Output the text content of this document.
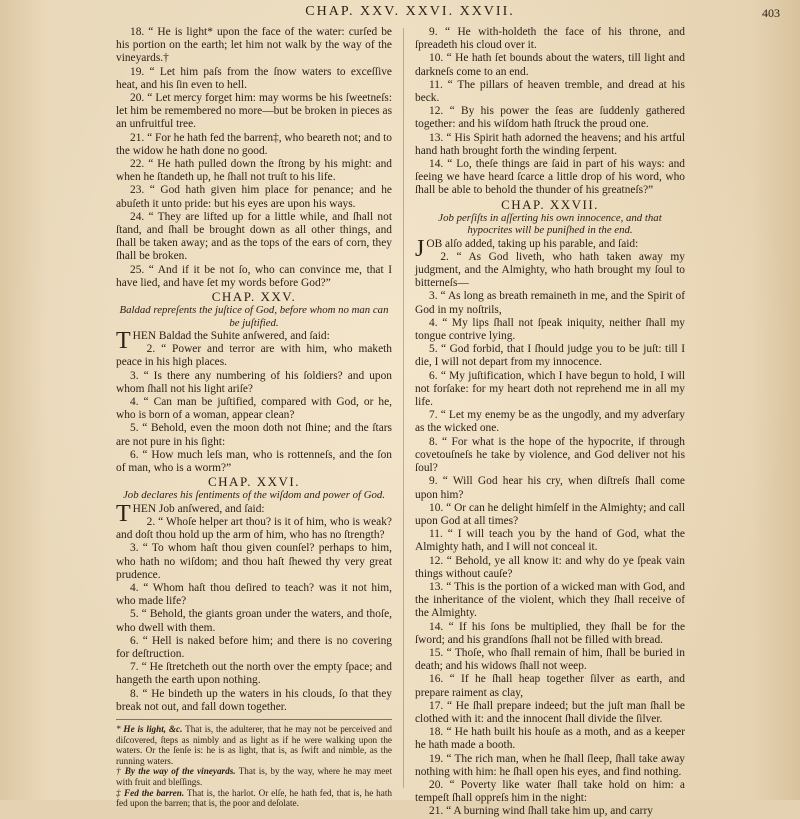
CHAP. XXV. XXVI. XXVII.	403

18. “ He is light* upon the face of the water: curſed be his portion on the earth; let him not walk by the way of the vineyards.†

19. “ Let him paſs from the ſnow waters to exceſſive heat, and his ſin even to hell.

20. “ Let mercy forget him: may worms be his ſweetneſs: let him be remembered no more—but be broken in pieces as an unfruitful tree.

21. “ For he hath fed the barren‡, who beareth not; and to the widow he hath done no good.

22. “ He hath pulled down the ſtrong by his might: and when he ſtandeth up, he ſhall not truſt to his life.

23. “ God hath given him place for penance; and he abuſeth it unto pride: but his eyes are upon his ways.

24. “ They are lifted up for a little while, and ſhall not ſtand, and ſhall be brought down as all other things, and ſhall be taken away; and as the tops of the ears of corn, they ſhall be broken.

25. “ And if it be not ſo, who can convince me, that I have lied, and have ſet my words before God?”

CHAP. XXV.

Baldad repreſents the juſtice of God, before whom no man can be juſtified.

THEN Baldad the Suhite anſwered, and ſaid:

2. “ Power and terror are with him, who maketh peace in his high places.

3. “ Is there any numbering of his ſoldiers? and upon whom ſhall not his light ariſe?

4. “ Can man be juſtified, compared with God, or he, who is born of a woman, appear clean?

5. “ Behold, even the moon doth not ſhine; and the ſtars are not pure in his ſight:

6. “ How much leſs man, who is rottenneſs, and the ſon of man, who is a worm?”

CHAP. XXVI.

Job declares his ſentiments of the wiſdom and power of God.

THEN Job anſwered, and ſaid:

2. “ Whoſe helper art thou? is it of him, who is weak? and doſt thou hold up the arm of him, who has no ſtrength?

3. “ To whom haſt thou given counſel? perhaps to him, who hath no wiſdom; and thou haſt ſhewed thy very great prudence.

4. “ Whom haſt thou deſired to teach? was it not him, who made life?

5. “ Behold, the giants groan under the waters, and thoſe, who dwell with them.

6. “ Hell is naked before him; and there is no covering for deſtruction.

7. “ He ſtretcheth out the north over the empty ſpace; and hangeth the earth upon nothing.

8. “ He bindeth up the waters in his clouds, ſo that they break not out, and fall down together.

* He is light, &c. That is, the adulterer, that he may not be perceived and diſcovered, ſteps as nimbly and as light as if he were walking upon the waters. Or the ſenſe is: he is as light, that is, as ſwift and nimble, as the running waters.

† By the way of the vineyards. That is, by the way, where he may meet with fruit and bleſſings.

‡ Fed the barren. That is, the harlot. Or elſe, he hath fed, that is, he hath fed upon the barren; that is, the poor and deſolate.

9. “ He with-holdeth the face of his throne, and ſpreadeth his cloud over it.

10. “ He hath ſet bounds about the waters, till light and darkneſs come to an end.

11. “ The pillars of heaven tremble, and dread at his beck.

12. “ By his power the ſeas are ſuddenly gathered together: and his wiſdom hath ſtruck the proud one.

13. “ His Spirit hath adorned the heavens; and his artful hand hath brought forth the winding ſerpent.

14. “ Lo, theſe things are ſaid in part of his ways: and ſeeing we have heard ſcarce a little drop of his word, who ſhall be able to behold the thunder of his greatneſs?”

CHAP. XXVII.

Job perſiſts in aſſerting his own innocence, and that hypocrites will be puniſhed in the end.

JOB alſo added, taking up his parable, and ſaid:

2. “ As God liveth, who hath taken away my judgment, and the Almighty, who hath brought my ſoul to bitterneſs—

3. “ As long as breath remaineth in me, and the Spirit of God in my noſtrils,

4. “ My lips ſhall not ſpeak iniquity, neither ſhall my tongue contrive lying.

5. “ God forbid, that I ſhould judge you to be juſt: till I die, I will not depart from my innocence.

6. “ My juſtification, which I have begun to hold, I will not forſake: for my heart doth not reprehend me in all my life.

7. “ Let my enemy be as the ungodly, and my adverſary as the wicked one.

8. “ For what is the hope of the hypocrite, if through covetouſneſs he take by violence, and God deliver not his ſoul?

9. “ Will God hear his cry, when diſtreſs ſhall come upon him?

10. “ Or can he delight himſelf in the Almighty; and call upon God at all times?

11. “ I will teach you by the hand of God, what the Almighty hath, and I will not conceal it.

12. “ Behold, ye all know it: and why do ye ſpeak vain things without cauſe?

13. “ This is the portion of a wicked man with God, and the inheritance of the violent, which they ſhall receive of the Almighty.

14. “ If his ſons be multiplied, they ſhall be for the ſword; and his grandſons ſhall not be filled with bread.

15. “ Thoſe, who ſhall remain of him, ſhall be buried in death; and his widows ſhall not weep.

16. “ If he ſhall heap together ſilver as earth, and prepare raiment as clay,

17. “ He ſhall prepare indeed; but the juſt man ſhall be clothed with it: and the innocent ſhall divide the ſilver.

18. “ He hath built his houſe as a moth, and as a keeper he hath made a booth.

19. “ The rich man, when he ſhall ſleep, ſhall take away nothing with him: he ſhall open his eyes, and find nothing.

20. “ Poverty like water ſhall take hold on him: a tempeſt ſhall oppreſs him in the night:

21. “ A burning wind ſhall take him up, and carry
